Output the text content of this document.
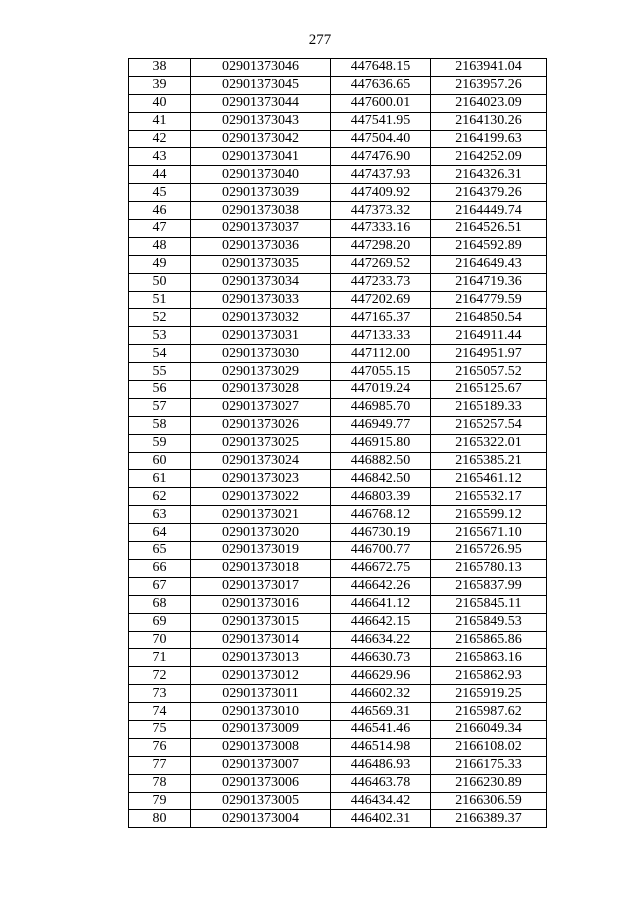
277
38	02901373046	447648.15	2163941.04
39	02901373045	447636.65	2163957.26
40	02901373044	447600.01	2164023.09
41	02901373043	447541.95	2164130.26
42	02901373042	447504.40	2164199.63
43	02901373041	447476.90	2164252.09
44	02901373040	447437.93	2164326.31
45	02901373039	447409.92	2164379.26
46	02901373038	447373.32	2164449.74
47	02901373037	447333.16	2164526.51
48	02901373036	447298.20	2164592.89
49	02901373035	447269.52	2164649.43
50	02901373034	447233.73	2164719.36
51	02901373033	447202.69	2164779.59
52	02901373032	447165.37	2164850.54
53	02901373031	447133.33	2164911.44
54	02901373030	447112.00	2164951.97
55	02901373029	447055.15	2165057.52
56	02901373028	447019.24	2165125.67
57	02901373027	446985.70	2165189.33
58	02901373026	446949.77	2165257.54
59	02901373025	446915.80	2165322.01
60	02901373024	446882.50	2165385.21
61	02901373023	446842.50	2165461.12
62	02901373022	446803.39	2165532.17
63	02901373021	446768.12	2165599.12
64	02901373020	446730.19	2165671.10
65	02901373019	446700.77	2165726.95
66	02901373018	446672.75	2165780.13
67	02901373017	446642.26	2165837.99
68	02901373016	446641.12	2165845.11
69	02901373015	446642.15	2165849.53
70	02901373014	446634.22	2165865.86
71	02901373013	446630.73	2165863.16
72	02901373012	446629.96	2165862.93
73	02901373011	446602.32	2165919.25
74	02901373010	446569.31	2165987.62
75	02901373009	446541.46	2166049.34
76	02901373008	446514.98	2166108.02
77	02901373007	446486.93	2166175.33
78	02901373006	446463.78	2166230.89
79	02901373005	446434.42	2166306.59
80	02901373004	446402.31	2166389.37
